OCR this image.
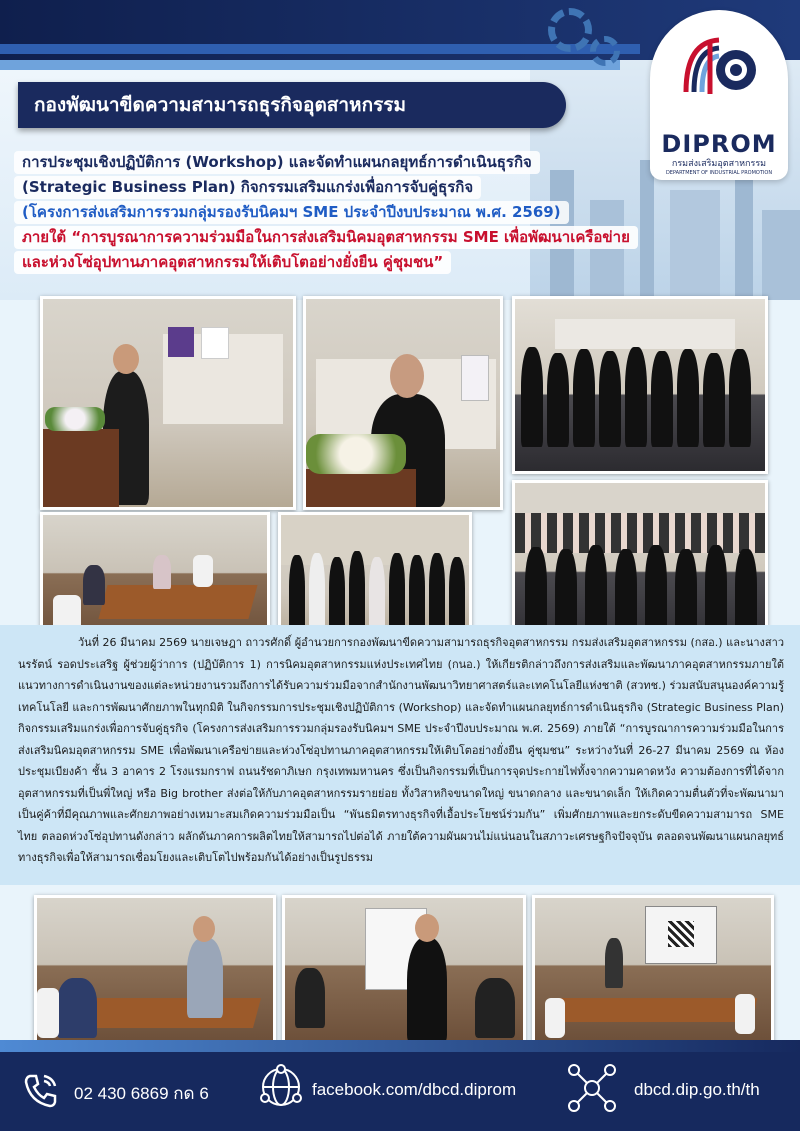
กองพัฒนาขีดความสามารถธุรกิจอุตสาหกรรม
DIPROM
กรมส่งเสริมอุตสาหกรรม
DEPARTMENT OF INDUSTRIAL PROMOTION
การประชุมเชิงปฏิบัติการ (Workshop) และจัดทำแผนกลยุทธ์การดำเนินธุรกิจ
(Strategic Business Plan) กิจกรรมเสริมแกร่งเพื่อการจับคู่ธุรกิจ
(โครงการส่งเสริมการรวมกลุ่มรองรับนิคมฯ SME ประจำปีงบประมาณ พ.ศ. 2569)
ภายใต้ “การบูรณาการความร่วมมือในการส่งเสริมนิคมอุตสาหกรรม SME เพื่อพัฒนาเครือข่าย
และห่วงโซ่อุปทานภาคอุตสาหกรรมให้เติบโตอย่างยั่งยืน คู่ชุมชน”
วันที่ 26 มีนาคม 2569 นายเจษฎา ถาวรศักดิ์ ผู้อำนวยการกองพัฒนาขีดความสามารถธุรกิจอุตสาหกรรม กรมส่งเสริมอุตสาหกรรม (กสอ.) และนางสาวนรรัตน์ รอดประเสริฐ ผู้ช่วยผู้ว่าการ (ปฏิบัติการ 1) การนิคมอุตสาหกรรมแห่งประเทศไทย (กนอ.) ให้เกียรติกล่าวถึงการส่งเสริมและพัฒนาภาคอุตสาหกรรมภายใต้แนวทางการดำเนินงานของแต่ละหน่วยงานรวมถึงการได้รับความร่วมมือจากสำนักงานพัฒนาวิทยาศาสตร์และเทคโนโลยีแห่งชาติ (สวทช.) ร่วมสนับสนุนองค์ความรู้ เทคโนโลยี และการพัฒนาศักยภาพในทุกมิติ ในกิจกรรมการประชุมเชิงปฏิบัติการ (Workshop) และจัดทำแผนกลยุทธ์การดำเนินธุรกิจ (Strategic Business Plan) กิจกรรมเสริมแกร่งเพื่อการจับคู่ธุรกิจ (โครงการส่งเสริมการรวมกลุ่มรองรับนิคมฯ SME ประจำปีงบประมาณ พ.ศ. 2569) ภายใต้ “การบูรณาการความร่วมมือในการส่งเสริมนิคมอุตสาหกรรม SME เพื่อพัฒนาเครือข่ายและห่วงโซ่อุปทานภาคอุตสาหกรรมให้เติบโตอย่างยั่งยืน คู่ชุมชน” ระหว่างวันที่ 26-27 มีนาคม 2569 ณ ห้องประชุมเบียงค้า ชั้น 3 อาคาร 2 โรงแรมกราฟ ถนนรัชดาภิเษก กรุงเทพมหานคร ซึ่งเป็นกิจกรรมที่เป็นการจุดประกายไฟทั้งจากความคาดหวัง ความต้องการที่ได้จากอุตสาหกรรมที่เป็นพี่ใหญ่ หรือ Big brother ส่งต่อให้กับภาคอุตสาหกรรมรายย่อย ทั้งวิสาหกิจขนาดใหญ่ ขนาดกลาง และขนาดเล็ก ให้เกิดความตื่นตัวที่จะพัฒนามาเป็นคู่ค้าที่มีคุณภาพและศักยภาพอย่างเหมาะสมเกิดความร่วมมือเป็น “พันธมิตรทางธุรกิจที่เอื้อประโยชน์ร่วมกัน” เพิ่มศักยภาพและยกระดับขีดความสามารถ SME ไทย ตลอดห่วงโซ่อุปทานดังกล่าว ผลักดันภาคการผลิตไทยให้สามารถไปต่อได้ ภายใต้ความผันผวนไม่แน่นอนในสภาวะเศรษฐกิจปัจจุบัน ตลอดจนพัฒนาแผนกลยุทธ์ทางธุรกิจเพื่อให้สามารถเชื่อมโยงและเติบโตไปพร้อมกันได้อย่างเป็นรูปธรรม
02 430 6869 กด 6	facebook.com/dbcd.diprom	dbcd.dip.go.th/th
